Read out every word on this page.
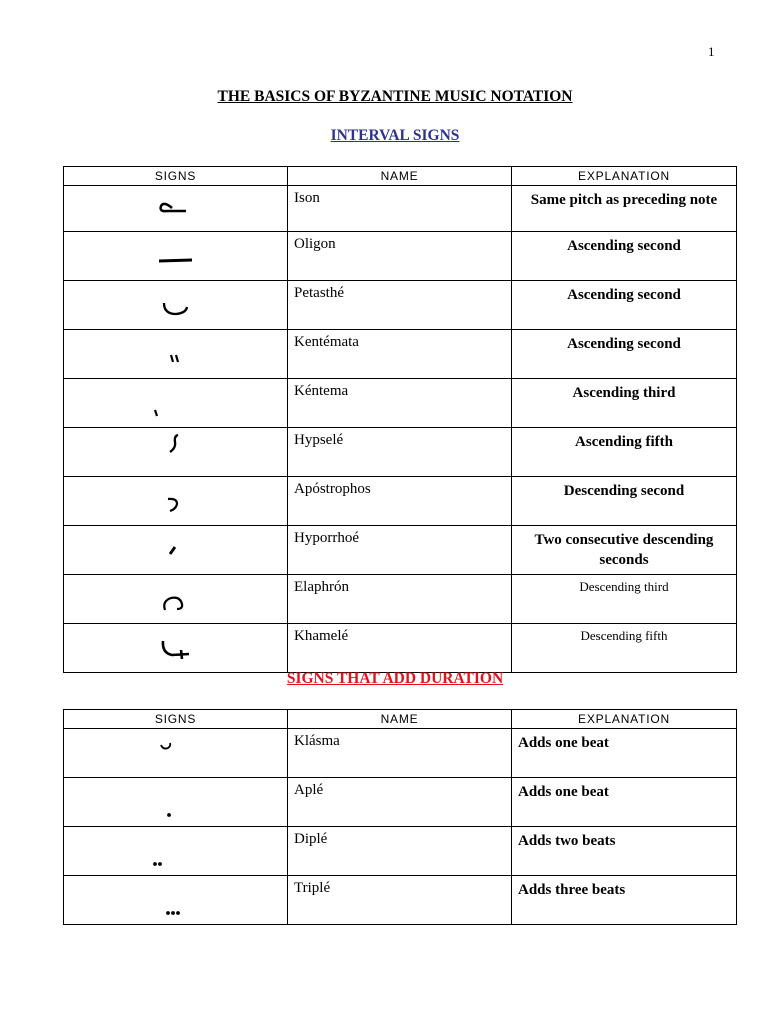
1
THE BASICS OF BYZANTINE MUSIC NOTATION
INTERVAL SIGNS
SIGNS	NAME	EXPLANATION

	Ison	Same pitch as preceding note

	Oligon	Ascending second

	Petasthé	Ascending second

	Kentémata	Ascending second

	Kéntema	Ascending third

	Hypselé	Ascending fifth

	Apóstrophos	Descending second

	Hyporrhoé	Two consecutive descending seconds

	Elaphrón	Descending third

	Khamelé	Descending fifth
SIGNS THAT ADD DURATION
SIGNS	NAME	EXPLANATION

	Klásma	Adds one beat

	Aplé	Adds one beat

	Diplé	Adds two beats

	Triplé	Adds three beats
